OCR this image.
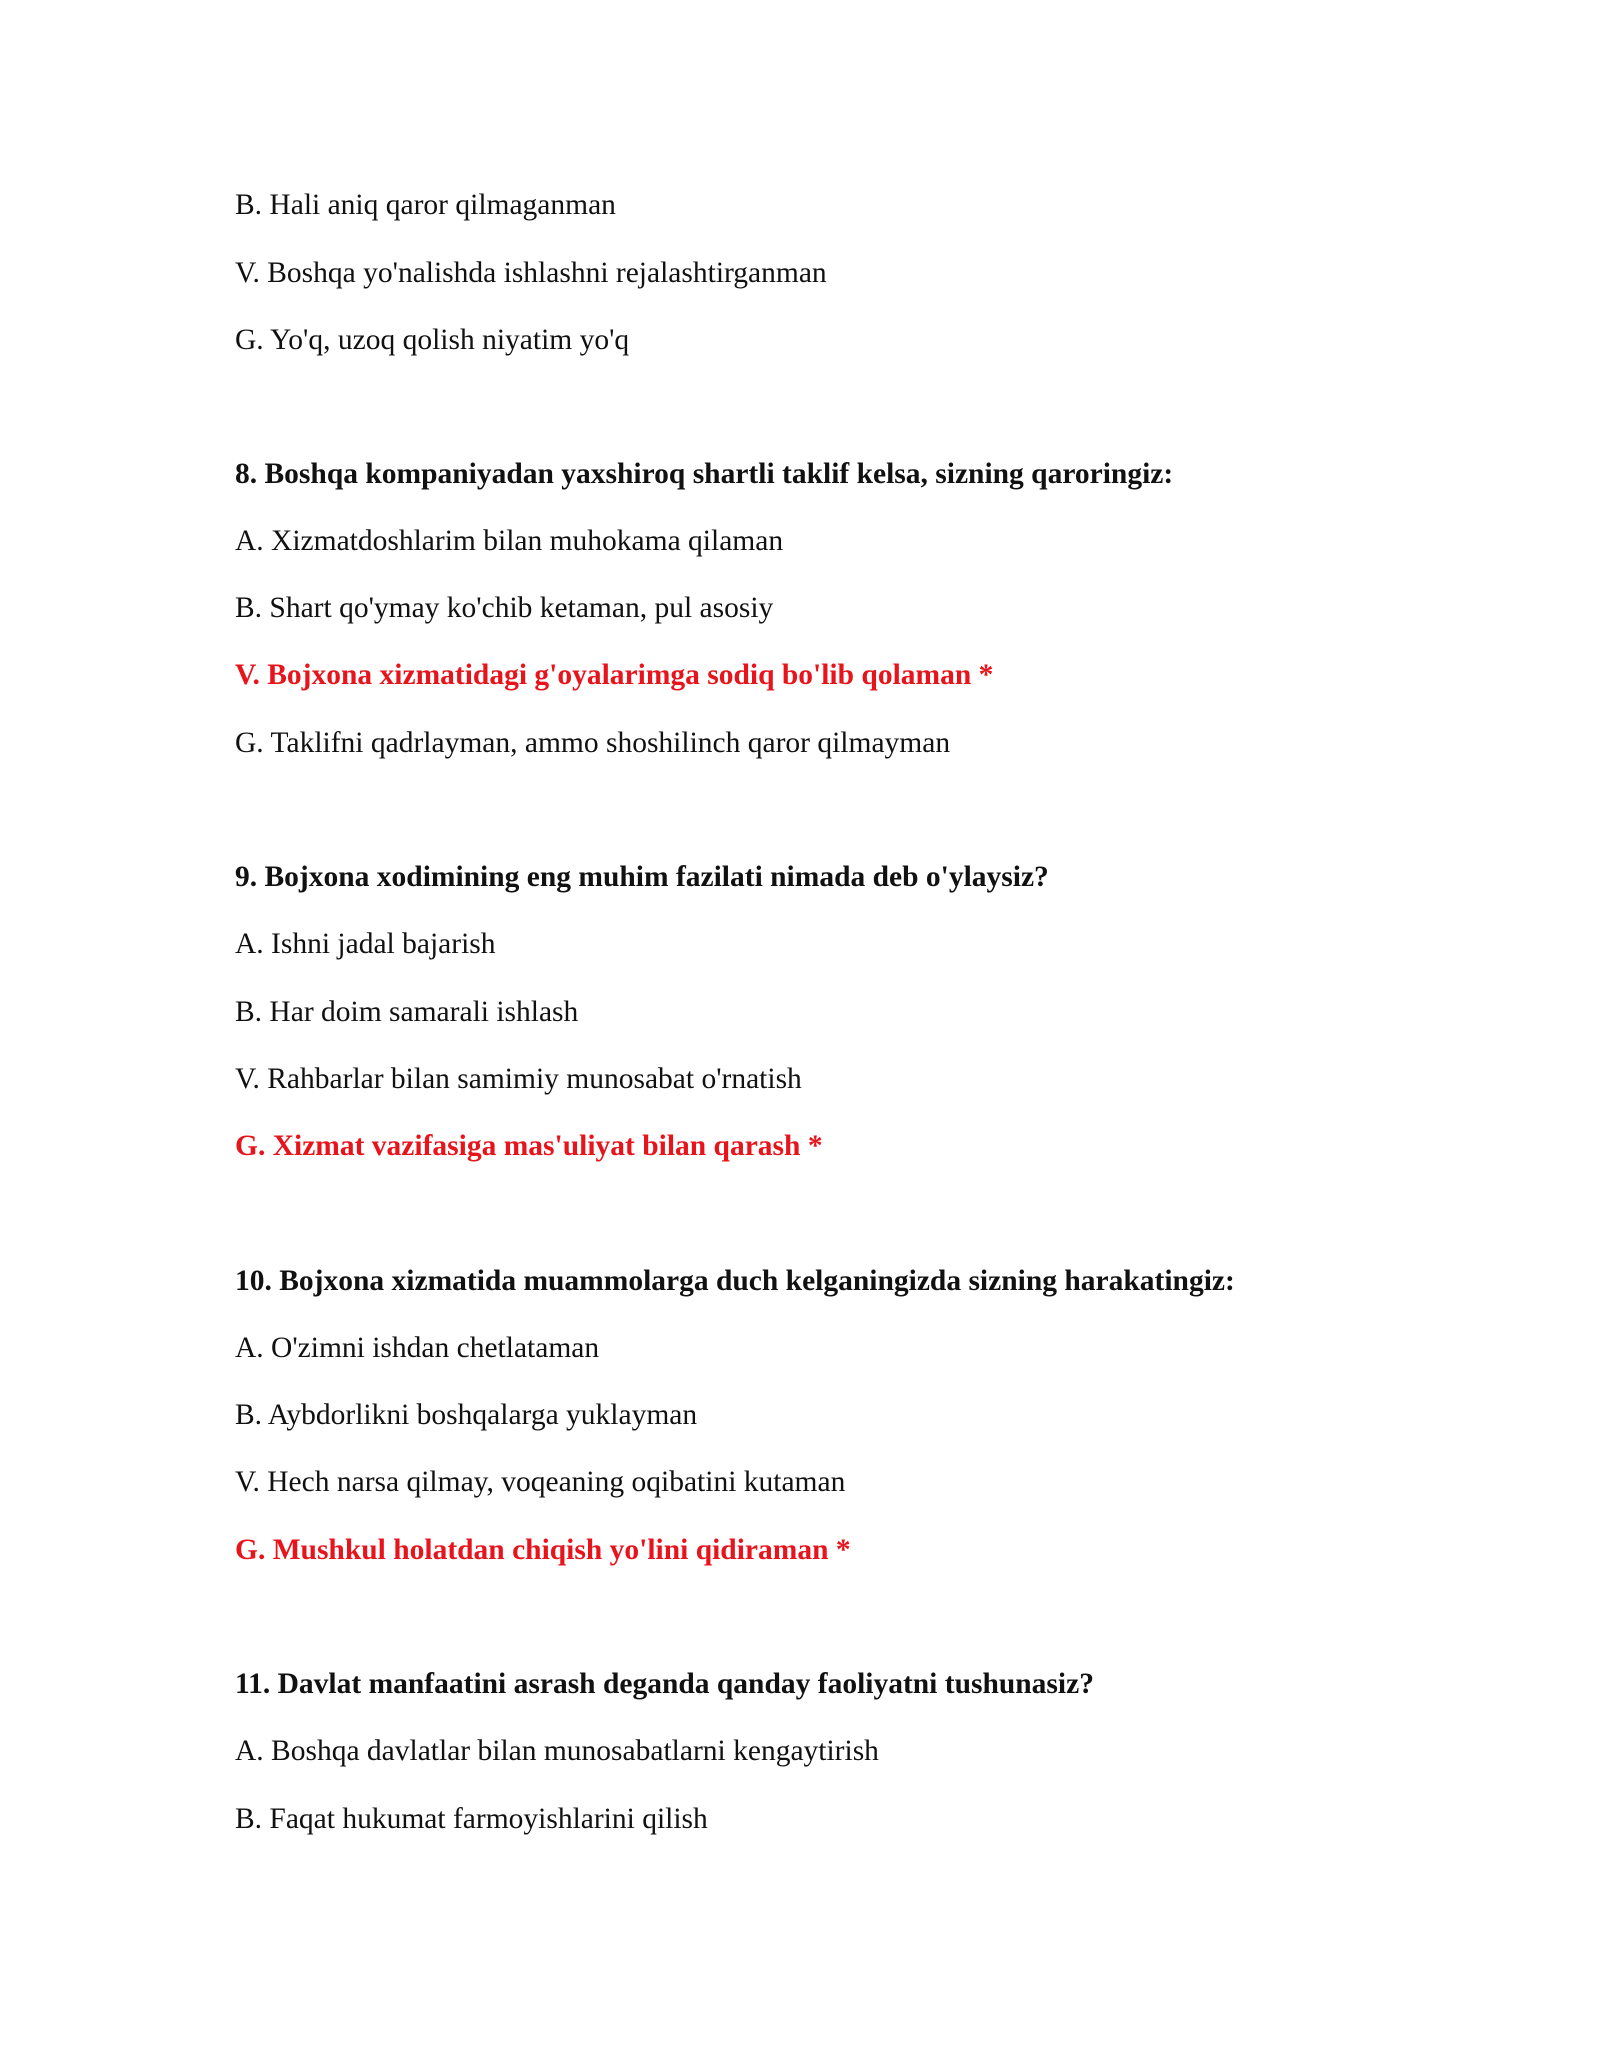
B. Hali aniq qaror qilmaganman
V. Boshqa yo'nalishda ishlashni rejalashtirganman
G. Yo'q, uzoq qolish niyatim yo'q
8. Boshqa kompaniyadan yaxshiroq shartli taklif kelsa, sizning qaroringiz:
A. Xizmatdoshlarim bilan muhokama qilaman
B. Shart qo'ymay ko'chib ketaman, pul asosiy
V. Bojxona xizmatidagi g'oyalarimga sodiq bo'lib qolaman *
G. Taklifni qadrlayman, ammo shoshilinch qaror qilmayman
9. Bojxona xodimining eng muhim fazilati nimada deb o'ylaysiz?
A. Ishni jadal bajarish
B. Har doim samarali ishlash
V. Rahbarlar bilan samimiy munosabat o'rnatish
G. Xizmat vazifasiga mas'uliyat bilan qarash *
10. Bojxona xizmatida muammolarga duch kelganingizda sizning harakatingiz:
A. O'zimni ishdan chetlataman
B. Aybdorlikni boshqalarga yuklayman
V. Hech narsa qilmay, voqeaning oqibatini kutaman
G. Mushkul holatdan chiqish yo'lini qidiraman *
11. Davlat manfaatini asrash deganda qanday faoliyatni tushunasiz?
A. Boshqa davlatlar bilan munosabatlarni kengaytirish
B. Faqat hukumat farmoyishlarini qilish
